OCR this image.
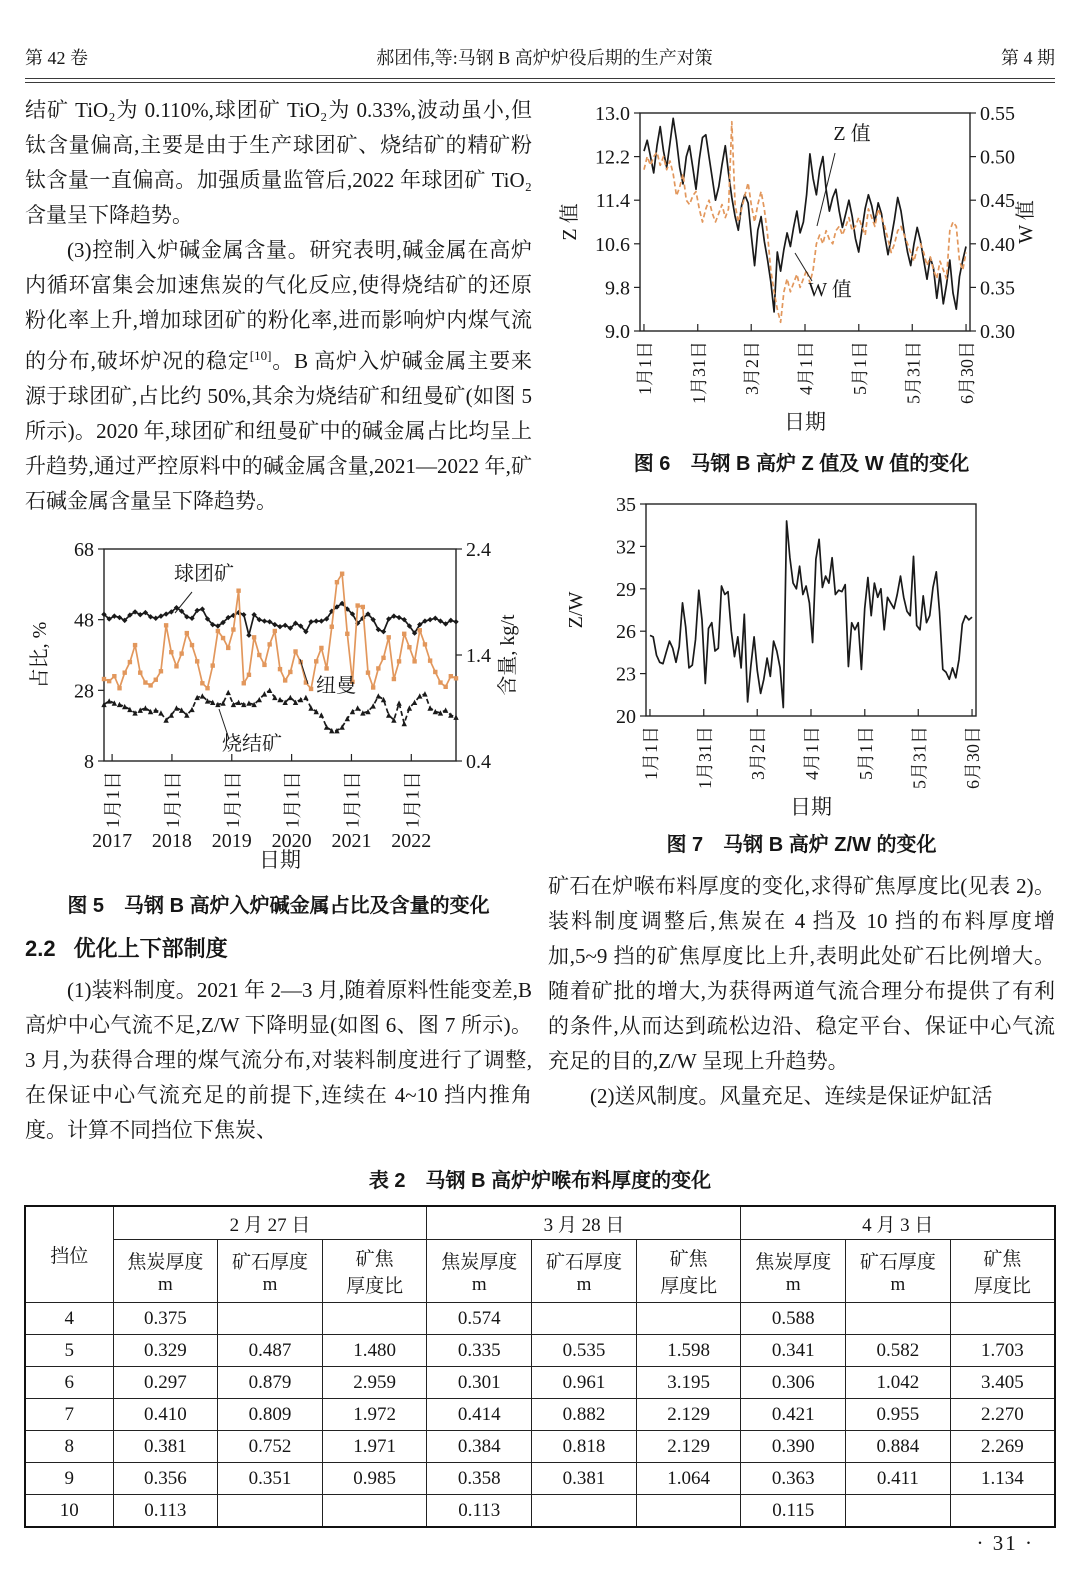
第 42 卷	郝团伟,等:马钢 B 高炉炉役后期的生产对策	第 4 期

结矿 TiO₂为 0.110%,球团矿 TiO₂为 0.33%,波动虽小,但钛含量偏高,主要是由于生产球团矿、烧结矿的精矿粉钛含量一直偏高。加强质量监管后,2022 年球团矿 TiO₂含量呈下降趋势。

(3)控制入炉碱金属含量。研究表明,碱金属在高炉内循环富集会加速焦炭的气化反应,使得烧结矿的还原粉化率上升,增加球团矿的粉化率,进而影响炉内煤气流的分布,破坏炉况的稳定[10]。B 高炉入炉碱金属主要来源于球团矿,占比约 50%,其余为烧结矿和纽曼矿(如图 5 所示)。2020 年,球团矿和纽曼矿中的碱金属占比均呈上升趋势,通过严控原料中的碱金属含量,2021—2022 年,矿石碱金属含量呈下降趋势。

8
28
48
68
占比, %
0.4
1.4
2.4
含量, kg/t
1月1日
2017
1月1日
2018
1月1日
2019
1月1日
2020
1月1日
2021
1月1日
2022
日期
球团矿
纽曼
烧结矿
图 5　马钢 B 高炉入炉碱金属占比及含量的变化
2.2 优化上下部制度

(1)装料制度。2021 年 2—3 月,随着原料性能变差,B 高炉中心气流不足,Z/W 下降明显(如图 6、图 7 所示)。3 月,为获得合理的煤气流分布,对装料制度进行了调整,在保证中心气流充足的前提下,连续在 4~10 挡内推角度。计算不同挡位下焦炭、

9.0
9.8
10.6
11.4
12.2
13.0
Z 值
0.30
0.35
0.40
0.45
0.50
0.55
W 值
1月1日 1月31日 3月2日 4月1日 5月1日 5月31日 6月30日
日期
Z 值
W 值
图 6　马钢 B 高炉 Z 值及 W 值的变化
20
23
26
29
32
35
Z/W
1月1日 1月31日 3月2日 4月1日 5月1日 5月31日 6月30日
日期
图 7　马钢 B 高炉 Z/W 的变化

矿石在炉喉布料厚度的变化,求得矿焦厚度比(见表 2)。装料制度调整后,焦炭在 4 挡及 10 挡的布料厚度增加,5~9 挡的矿焦厚度比上升,表明此处矿石比例增大。随着矿批的增大,为获得两道气流合理分布提供了有利的条件,从而达到疏松边沿、稳定平台、保证中心气流充足的目的,Z/W 呈现上升趋势。

(2)送风制度。风量充足、连续是保证炉缸活

表 2　马钢 B 高炉炉喉布料厚度的变化
挡位	2 月 27 日			3 月 28 日			4 月 3 日		

焦炭厚度
m

矿石厚度
m

矿焦
厚度比

焦炭厚度
m

矿石厚度
m

矿焦
厚度比

焦炭厚度
m

矿石厚度
m

矿焦
厚度比

4	0.375			0.574			0.588		
5	0.329	0.487	1.480	0.335	0.535	1.598	0.341	0.582	1.703
6	0.297	0.879	2.959	0.301	0.961	3.195	0.306	1.042	3.405
7	0.410	0.809	1.972	0.414	0.882	2.129	0.421	0.955	2.270
8	0.381	0.752	1.971	0.384	0.818	2.129	0.390	0.884	2.269
9	0.356	0.351	0.985	0.358	0.381	1.064	0.363	0.411	1.134
10	0.113			0.113			0.115		
· 31 ·
